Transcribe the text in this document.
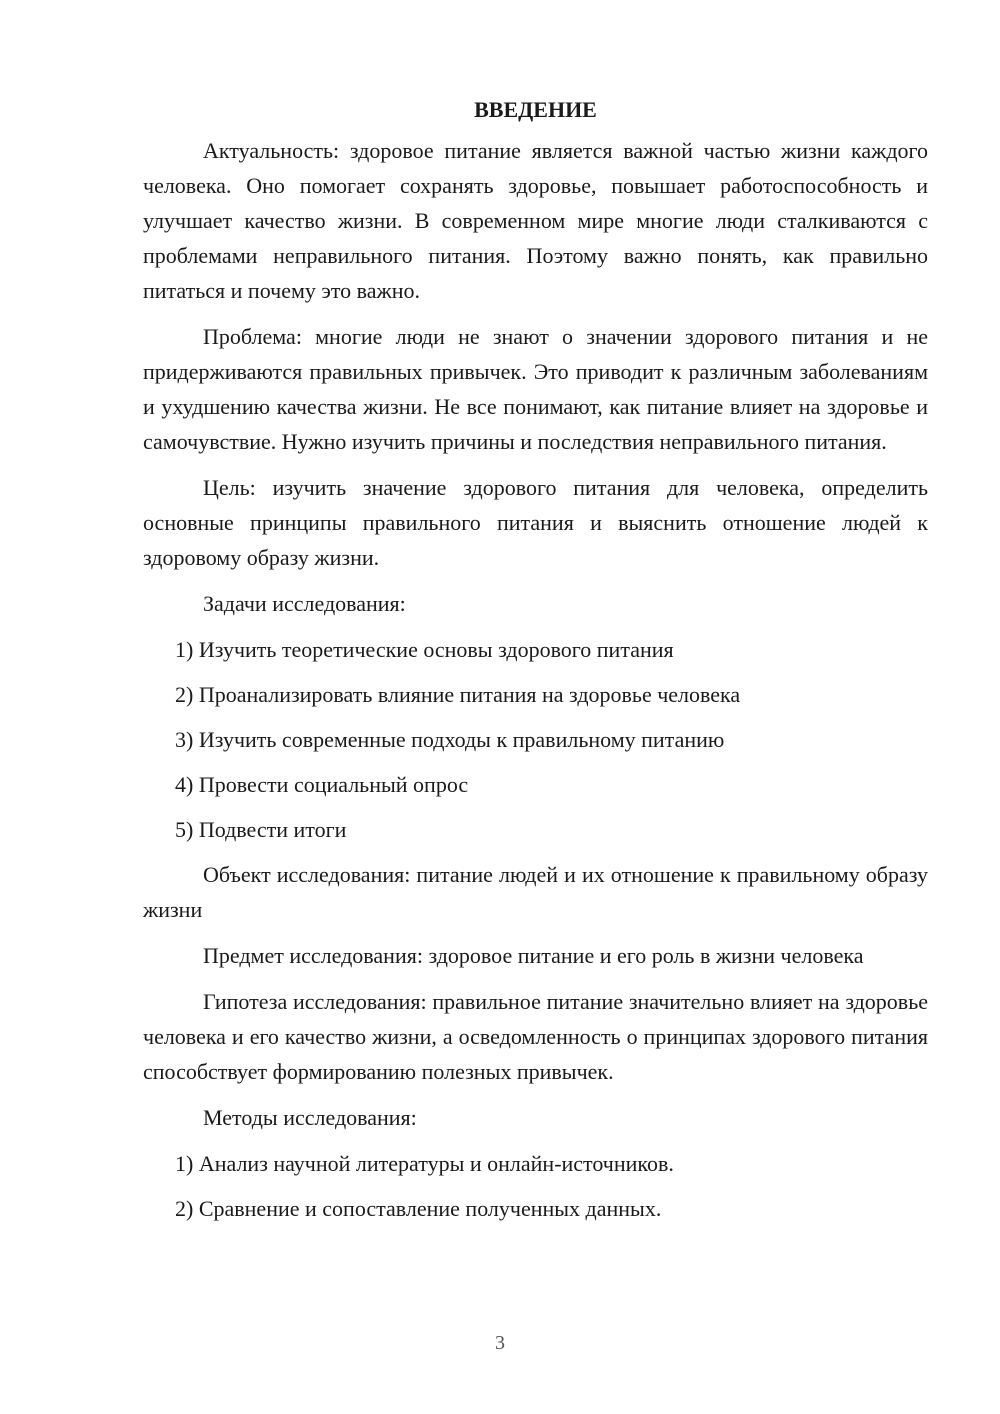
ВВЕДЕНИЕ

Актуальность: здоровое питание является важной частью жизни каждого человека. Оно помогает сохранять здоровье, повышает работоспособность и улучшает качество жизни. В современном мире многие люди сталкиваются с проблемами неправильного питания. Поэтому важно понять, как правильно питаться и почему это важно.

Проблема: многие люди не знают о значении здорового питания и не придерживаются правильных привычек. Это приводит к различным заболеваниям и ухудшению качества жизни. Не все понимают, как питание влияет на здоровье и самочувствие. Нужно изучить причины и последствия неправильного питания.

Цель: изучить значение здорового питания для человека, определить основные принципы правильного питания и выяснить отношение людей к здоровому образу жизни.

Задачи исследования:

1) Изучить теоретические основы здорового питания

2) Проанализировать влияние питания на здоровье человека

3) Изучить современные подходы к правильному питанию

4) Провести социальный опрос

5) Подвести итоги

Объект исследования: питание людей и их отношение к правильному образу жизни

Предмет исследования: здоровое питание и его роль в жизни человека

Гипотеза исследования: правильное питание значительно влияет на здоровье человека и его качество жизни, а осведомленность о принципах здорового питания способствует формированию полезных привычек.

Методы исследования:

1) Анализ научной литературы и онлайн-источников.

2) Сравнение и сопоставление полученных данных.

3
